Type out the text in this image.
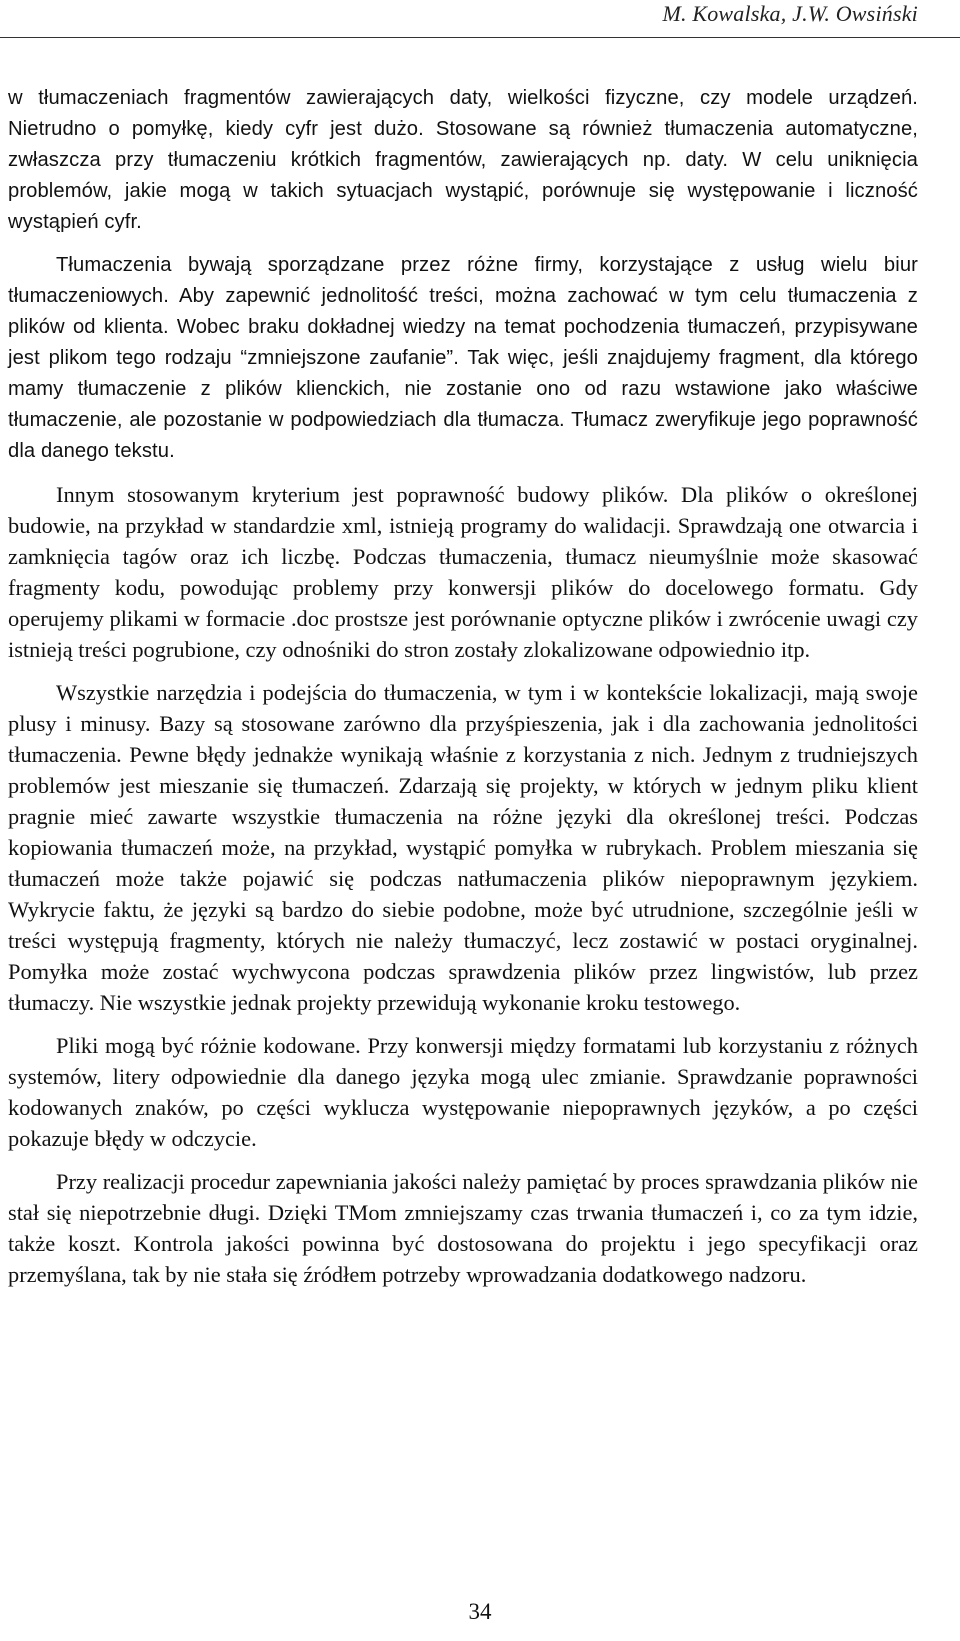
M. Kowalska, J.W. Owsiński

w tłumaczeniach fragmentów zawierających daty, wielkości fizyczne, czy modele urządzeń. Nietrudno o pomyłkę, kiedy cyfr jest dużo. Stosowane są również tłumaczenia automatyczne, zwłaszcza przy tłumaczeniu krótkich fragmentów, zawierających np. daty. W celu uniknięcia problemów, jakie mogą w takich sytuacjach wystąpić, porównuje się występowanie i liczność wystąpień cyfr.

Tłumaczenia bywają sporządzane przez różne firmy, korzystające z usług wielu biur tłumaczeniowych. Aby zapewnić jednolitość treści, można zachować w tym celu tłumaczenia z plików od klienta. Wobec braku dokładnej wiedzy na temat pochodzenia tłumaczeń, przypisywane jest plikom tego rodzaju “zmniejszone zaufanie”. Tak więc, jeśli znajdujemy fragment, dla którego mamy tłumaczenie z plików klienckich, nie zostanie ono od razu wstawione jako właściwe tłumaczenie, ale pozostanie w podpowiedziach dla tłumacza. Tłumacz zweryfikuje jego poprawność dla danego tekstu.

Innym stosowanym kryterium jest poprawność budowy plików. Dla plików o określonej budowie, na przykład w standardzie xml, istnieją programy do walidacji. Sprawdzają one otwarcia i zamknięcia tagów oraz ich liczbę. Podczas tłumaczenia, tłumacz nieumyślnie może skasować fragmenty kodu, powodując problemy przy konwersji plików do docelowego formatu. Gdy operujemy plikami w formacie .doc prostsze jest porównanie optyczne plików i zwrócenie uwagi czy istnieją treści pogrubione, czy odnośniki do stron zostały zlokalizowane odpowiednio itp.

Wszystkie narzędzia i podejścia do tłumaczenia, w tym i w kontekście lokalizacji, mają swoje plusy i minusy. Bazy są stosowane zarówno dla przyśpieszenia, jak i dla zachowania jednolitości tłumaczenia. Pewne błędy jednakże wynikają właśnie z korzystania z nich. Jednym z trudniejszych problemów jest mieszanie się tłumaczeń. Zdarzają się projekty, w których w jednym pliku klient pragnie mieć zawarte wszystkie tłumaczenia na różne języki dla określonej treści. Podczas kopiowania tłumaczeń może, na przykład, wystąpić pomyłka w rubrykach. Problem mieszania się tłumaczeń może także pojawić się podczas natłumaczenia plików niepoprawnym językiem. Wykrycie faktu, że języki są bardzo do siebie podobne, może być utrudnione, szczególnie jeśli w treści występują fragmenty, których nie należy tłumaczyć, lecz zostawić w postaci oryginalnej. Pomyłka może zostać wychwycona podczas sprawdzenia plików przez lingwistów, lub przez tłumaczy. Nie wszystkie jednak projekty przewidują wykonanie kroku testowego.

Pliki mogą być różnie kodowane. Przy konwersji między formatami lub korzystaniu z różnych systemów, litery odpowiednie dla danego języka mogą ulec zmianie. Sprawdzanie poprawności kodowanych znaków, po części wyklucza występowanie niepoprawnych języków, a po części pokazuje błędy w odczycie.

Przy realizacji procedur zapewniania jakości należy pamiętać by proces sprawdzania plików nie stał się niepotrzebnie długi. Dzięki TMom zmniejszamy czas trwania tłumaczeń i, co za tym idzie, także koszt. Kontrola jakości powinna być dostosowana do projektu i jego specyfikacji oraz przemyślana, tak by nie stała się źródłem potrzeby wprowadzania dodatkowego nadzoru.

34
